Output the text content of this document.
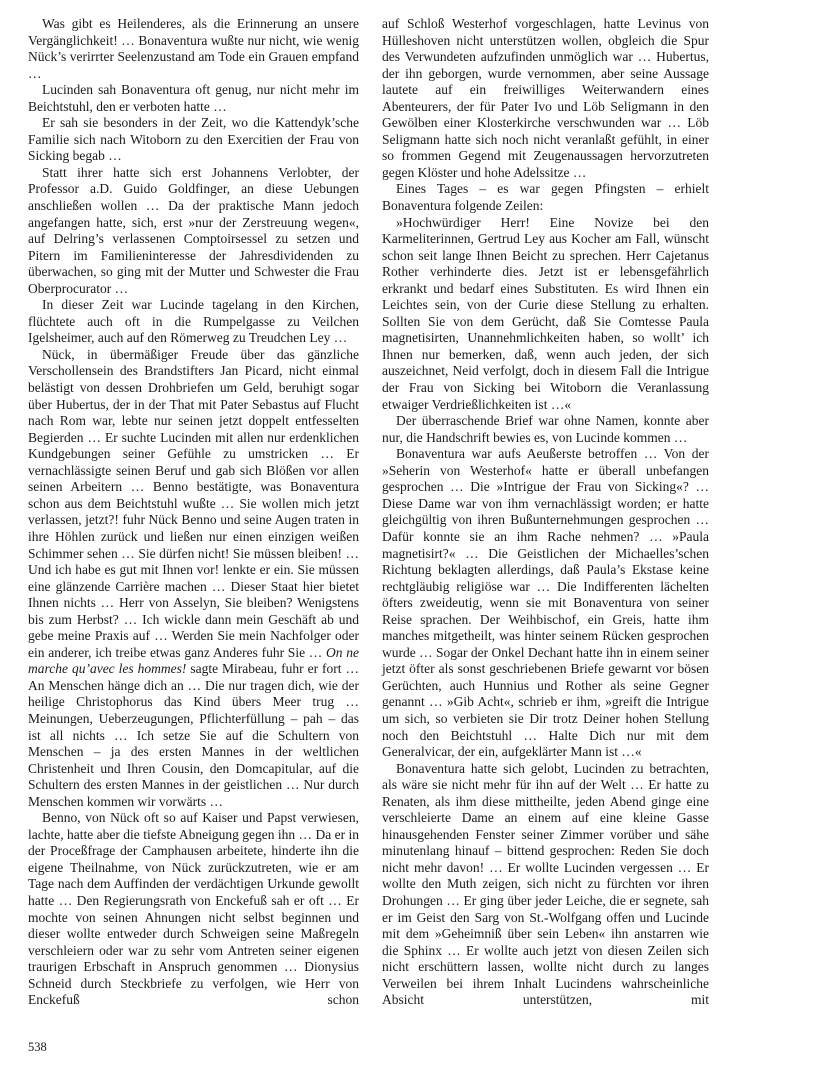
Was gibt es Heilenderes, als die Erinnerung an unsere Vergänglichkeit! … Bonaventura wußte nur nicht, wie wenig Nück’s verirrter Seelenzustand am Tode ein Grauen empfand …

Lucinden sah Bonaventura oft genug, nur nicht mehr im Beichtstuhl, den er verboten hatte …

Er sah sie besonders in der Zeit, wo die Kattendyk’sche Familie sich nach Witoborn zu den Exercitien der Frau von Sicking begab …

Statt ihrer hatte sich erst Johannens Verlobter, der Professor a.D. Guido Goldfinger, an diese Uebungen anschließen wollen … Da der praktische Mann jedoch angefangen hatte, sich, erst »nur der Zerstreuung wegen«, auf Delring’s verlassenen Comptoirsessel zu setzen und Pitern im Familieninteresse der Jahresdividenden zu überwachen, so ging mit der Mutter und Schwester die Frau Oberprocurator …

In dieser Zeit war Lucinde tagelang in den Kirchen, flüchtete auch oft in die Rumpelgasse zu Veilchen Igelsheimer, auch auf den Römerweg zu Treudchen Ley …

Nück, in übermäßiger Freude über das gänzliche Verschollensein des Brandstifters Jan Picard, nicht einmal belästigt von dessen Drohbriefen um Geld, beruhigt sogar über Hubertus, der in der That mit Pater Sebastus auf Flucht nach Rom war, lebte nur seinen jetzt doppelt entfesselten Begierden … Er suchte Lucinden mit allen nur erdenklichen Kundgebungen seiner Gefühle zu umstricken … Er vernachlässigte seinen Beruf und gab sich Blößen vor allen seinen Arbeitern … Benno bestätigte, was Bonaventura schon aus dem Beichtstuhl wußte … Sie wollen mich jetzt verlassen, jetzt?! fuhr Nück Benno und seine Augen traten in ihre Höhlen zurück und ließen nur einen einzigen weißen Schimmer sehen … Sie dürfen nicht! Sie müssen bleiben! … Und ich habe es gut mit Ihnen vor! lenkte er ein. Sie müssen eine glänzende Carrière machen … Dieser Staat hier bietet Ihnen nichts … Herr von Asselyn, Sie bleiben? Wenigstens bis zum Herbst? … Ich wickle dann mein Geschäft ab und gebe meine Praxis auf … Werden Sie mein Nachfolger oder ein anderer, ich treibe etwas ganz Anderes fuhr Sie … On ne marche qu’avec les hommes! sagte Mirabeau, fuhr er fort … An Menschen hänge dich an … Die nur tragen dich, wie der heilige Christophorus das Kind übers Meer trug … Meinungen, Ueberzeugungen, Pflichterfüllung – pah – das ist all nichts … Ich setze Sie auf die Schultern von Menschen – ja des ersten Mannes in der weltlichen Christenheit und Ihren Cousin, den Domcapitular, auf die Schultern des ersten Mannes in der geistlichen … Nur durch Menschen kommen wir vorwärts …

Benno, von Nück oft so auf Kaiser und Papst verwiesen, lachte, hatte aber die tiefste Abneigung gegen ihn … Da er in der Proceßfrage der Camphausen arbeitete, hinderte ihn die eigene Theilnahme, von Nück zurückzutreten, wie er am Tage nach dem Auffinden der verdächtigen Urkunde gewollt hatte … Den Regierungsrath von Enckefuß sah er oft … Er mochte von seinen Ahnungen nicht selbst beginnen und dieser wollte entweder durch Schweigen seine Maßregeln verschleiern oder war zu sehr vom Antreten seiner eigenen traurigen Erbschaft in Anspruch genommen … Dionysius Schneid durch Steckbriefe zu verfolgen, wie Herr von Enckefuß schon

auf Schloß Westerhof vorgeschlagen, hatte Levinus von Hülleshoven nicht unterstützen wollen, obgleich die Spur des Verwundeten aufzufinden unmöglich war … Hubertus, der ihn geborgen, wurde vernommen, aber seine Aussage lautete auf ein freiwilliges Weiterwandern eines Abenteurers, der für Pater Ivo und Löb Seligmann in den Gewölben einer Klosterkirche verschwunden war … Löb Seligmann hatte sich noch nicht veranlaßt gefühlt, in einer so frommen Gegend mit Zeugenaussagen hervorzutreten gegen Klöster und hohe Adelssitze …

Eines Tages – es war gegen Pfingsten – erhielt Bonaventura folgende Zeilen:

»Hochwürdiger Herr! Eine Novize bei den Karmeliterinnen, Gertrud Ley aus Kocher am Fall, wünscht schon seit lange Ihnen Beicht zu sprechen. Herr Cajetanus Rother verhinderte dies. Jetzt ist er lebensgefährlich erkrankt und bedarf eines Substituten. Es wird Ihnen ein Leichtes sein, von der Curie diese Stellung zu erhalten. Sollten Sie von dem Gerücht, daß Sie Comtesse Paula magnetisirten, Unannehmlichkeiten haben, so wollt’ ich Ihnen nur bemerken, daß, wenn auch jeden, der sich auszeichnet, Neid verfolgt, doch in diesem Fall die Intrigue der Frau von Sicking bei Witoborn die Veranlassung etwaiger Verdrießlichkeiten ist …«

Der überraschende Brief war ohne Namen, konnte aber nur, die Handschrift bewies es, von Lucinde kommen …

Bonaventura war aufs Aeußerste betroffen … Von der »Seherin von Westerhof« hatte er überall unbefangen gesprochen … Die »Intrigue der Frau von Sicking«? … Diese Dame war von ihm vernachlässigt worden; er hatte gleichgültig von ihren Bußunternehmungen gesprochen … Dafür konnte sie an ihm Rache nehmen? … »Paula magnetisirt?« … Die Geistlichen der Michaelles’schen Richtung beklagten allerdings, daß Paula’s Ekstase keine rechtgläubig religiöse war … Die Indifferenten lächelten öfters zweideutig, wenn sie mit Bonaventura von seiner Reise sprachen. Der Weihbischof, ein Greis, hatte ihm manches mitgetheilt, was hinter seinem Rücken gesprochen wurde … Sogar der Onkel Dechant hatte ihn in einem seiner jetzt öfter als sonst geschriebenen Briefe gewarnt vor bösen Gerüchten, auch Hunnius und Rother als seine Gegner genannt … »Gib Acht«, schrieb er ihm, »greift die Intrigue um sich, so verbieten sie Dir trotz Deiner hohen Stellung noch den Beichtstuhl … Halte Dich nur mit dem Generalvicar, der ein, aufgeklärter Mann ist …«

Bonaventura hatte sich gelobt, Lucinden zu betrachten, als wäre sie nicht mehr für ihn auf der Welt … Er hatte zu Renaten, als ihm diese mittheilte, jeden Abend ginge eine verschleierte Dame an einem auf eine kleine Gasse hinausgehenden Fenster seiner Zimmer vorüber und sähe minutenlang hinauf – bittend gesprochen: Reden Sie doch nicht mehr davon! … Er wollte Lucinden vergessen … Er wollte den Muth zeigen, sich nicht zu fürchten vor ihren Drohungen … Er ging über jeder Leiche, die er segnete, sah er im Geist den Sarg von St.-Wolfgang offen und Lucinde mit dem »Geheimniß über sein Leben« ihn anstarren wie die Sphinx … Er wollte auch jetzt von diesen Zeilen sich nicht erschüttern lassen, wollte nicht durch zu langes Verweilen bei ihrem Inhalt Lucindens wahrscheinliche Absicht unterstützen, mit

538
